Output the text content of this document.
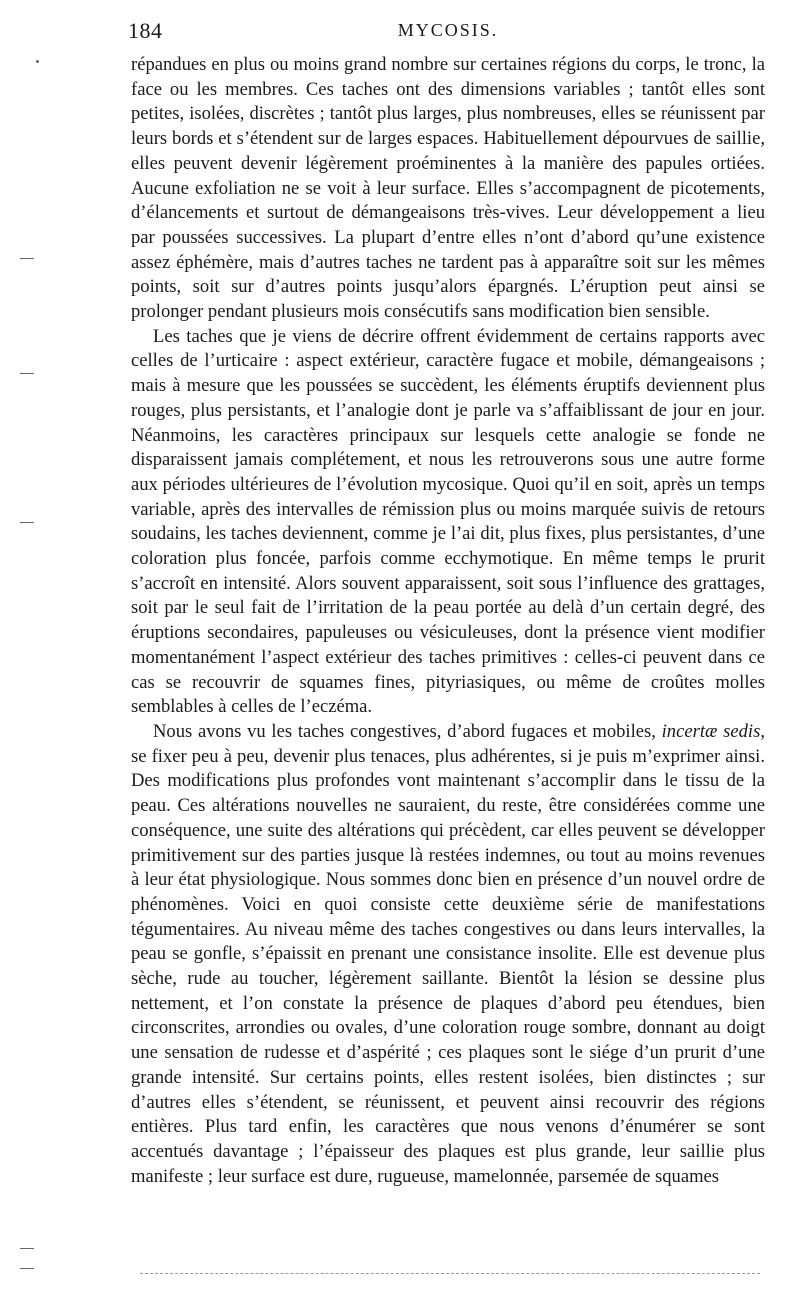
184	MYCOSIS.

répandues en plus ou moins grand nombre sur certaines régions du corps, le tronc, la face ou les membres. Ces taches ont des dimensions variables ; tantôt elles sont petites, isolées, discrètes ; tantôt plus larges, plus nombreuses, elles se réunissent par leurs bords et s’étendent sur de larges espaces. Habituellement dépourvues de saillie, elles peuvent devenir légèrement proéminentes à la manière des papules ortiées. Aucune exfoliation ne se voit à leur surface. Elles s’accompagnent de picotements, d’élancements et surtout de démangeaisons très-vives. Leur développement a lieu par poussées successives. La plupart d’entre elles n’ont d’abord qu’une existence assez éphémère, mais d’autres taches ne tardent pas à apparaître soit sur les mêmes points, soit sur d’autres points jusqu’alors épargnés. L’éruption peut ainsi se prolonger pendant plusieurs mois consécutifs sans modification bien sensible.

Les taches que je viens de décrire offrent évidemment de certains rapports avec celles de l’urticaire : aspect extérieur, caractère fugace et mobile, démangeaisons ; mais à mesure que les poussées se succèdent, les éléments éruptifs deviennent plus rouges, plus persistants, et l’analogie dont je parle va s’affaiblissant de jour en jour. Néanmoins, les caractères principaux sur lesquels cette analogie se fonde ne disparaissent jamais complétement, et nous les retrouverons sous une autre forme aux périodes ultérieures de l’évolution mycosique. Quoi qu’il en soit, après un temps variable, après des intervalles de rémission plus ou moins marquée suivis de retours soudains, les taches deviennent, comme je l’ai dit, plus fixes, plus persistantes, d’une coloration plus foncée, parfois comme ecchymotique. En même temps le prurit s’accroît en intensité. Alors souvent apparaissent, soit sous l’influence des grattages, soit par le seul fait de l’irritation de la peau portée au delà d’un certain degré, des éruptions secondaires, papuleuses ou vésiculeuses, dont la présence vient modifier momentanément l’aspect extérieur des taches primitives : celles-ci peuvent dans ce cas se recouvrir de squames fines, pityriasiques, ou même de croûtes molles semblables à celles de l’eczéma.

Nous avons vu les taches congestives, d’abord fugaces et mobiles, incertæ sedis, se fixer peu à peu, devenir plus tenaces, plus adhérentes, si je puis m’exprimer ainsi. Des modifications plus profondes vont maintenant s’accomplir dans le tissu de la peau. Ces altérations nouvelles ne sauraient, du reste, être considérées comme une conséquence, une suite des altérations qui précèdent, car elles peuvent se développer primitivement sur des parties jusque là restées indemnes, ou tout au moins revenues à leur état physiologique. Nous sommes donc bien en présence d’un nouvel ordre de phénomènes. Voici en quoi consiste cette deuxième série de manifestations tégumentaires. Au niveau même des taches congestives ou dans leurs intervalles, la peau se gonfle, s’épaissit en prenant une consistance insolite. Elle est devenue plus sèche, rude au toucher, légèrement saillante. Bientôt la lésion se dessine plus nettement, et l’on constate la présence de plaques d’abord peu étendues, bien circonscrites, arrondies ou ovales, d’une coloration rouge sombre, donnant au doigt une sensation de rudesse et d’aspérité ; ces plaques sont le siége d’un prurit d’une grande intensité. Sur certains points, elles restent isolées, bien distinctes ; sur d’autres elles s’étendent, se réunissent, et peuvent ainsi recouvrir des régions entières. Plus tard enfin, les caractères que nous venons d’énumérer se sont accentués davantage ; l’épaisseur des plaques est plus grande, leur saillie plus manifeste ; leur surface est dure, rugueuse, mamelonnée, parsemée de squames
